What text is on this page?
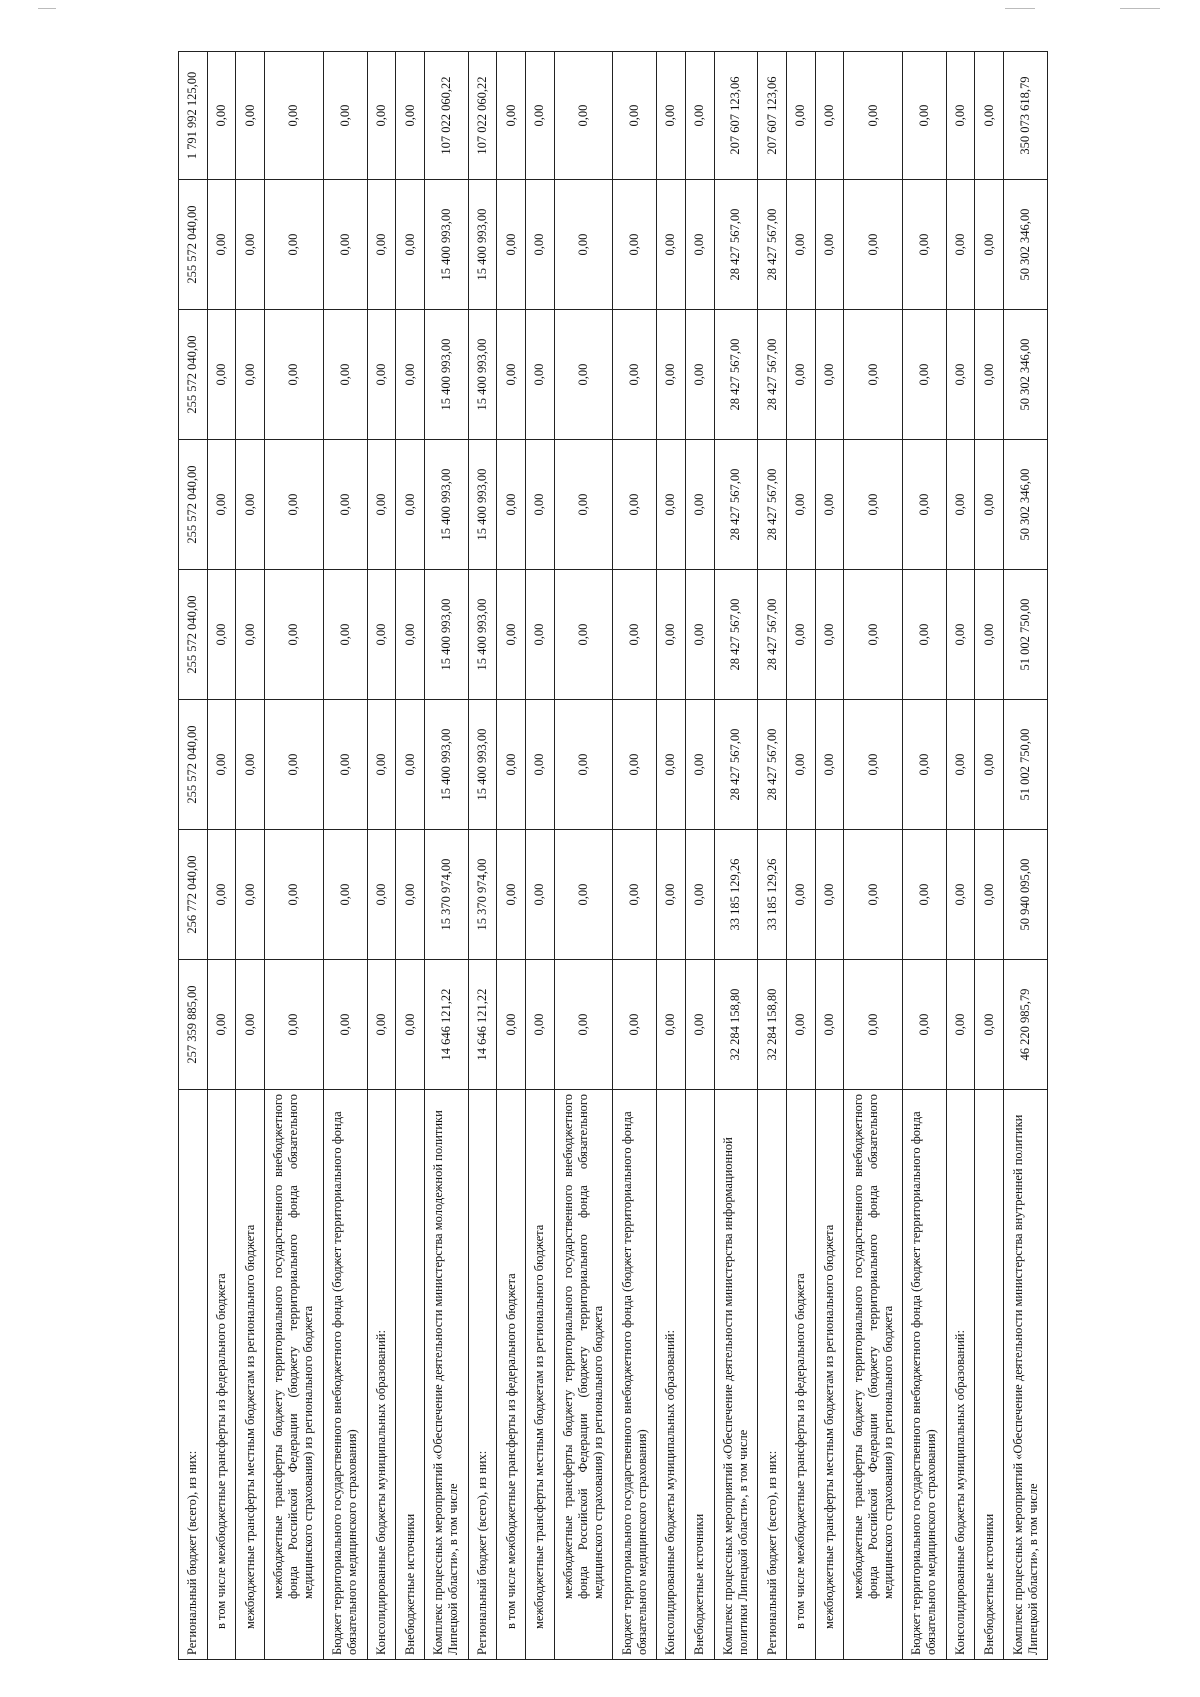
Региональный бюджет (всего), из них:	257 359 885,00	256 772 040,00	255 572 040,00	255 572 040,00	255 572 040,00	255 572 040,00	255 572 040,00	1 791 992 125,00
в том числе межбюджетные трансферты из федерального бюджета	0,00	0,00	0,00	0,00	0,00	0,00	0,00	0,00
межбюджетные трансферты местным бюджетам из регионального бюджета	0,00	0,00	0,00	0,00	0,00	0,00	0,00	0,00
межбюджетные трансферты бюджету территориального государственного внебюджетного фонда Российской Федерации (бюджету территориального фонда обязательного медицинского страхования) из регионального бюджета	0,00	0,00	0,00	0,00	0,00	0,00	0,00	0,00
Бюджет территориального государственного внебюджетного фонда (бюджет территориального фонда обязательного медицинского страхования)	0,00	0,00	0,00	0,00	0,00	0,00	0,00	0,00
Консолидированные бюджеты муниципальных образований:	0,00	0,00	0,00	0,00	0,00	0,00	0,00	0,00
Внебюджетные источники	0,00	0,00	0,00	0,00	0,00	0,00	0,00	0,00
Комплекс процессных мероприятий «Обеспечение деятельности министерства молодежной политики Липецкой области», в том числе	14 646 121,22	15 370 974,00	15 400 993,00	15 400 993,00	15 400 993,00	15 400 993,00	15 400 993,00	107 022 060,22
Региональный бюджет (всего), из них:	14 646 121,22	15 370 974,00	15 400 993,00	15 400 993,00	15 400 993,00	15 400 993,00	15 400 993,00	107 022 060,22
в том числе межбюджетные трансферты из федерального бюджета	0,00	0,00	0,00	0,00	0,00	0,00	0,00	0,00
межбюджетные трансферты местным бюджетам из регионального бюджета	0,00	0,00	0,00	0,00	0,00	0,00	0,00	0,00
межбюджетные трансферты бюджету территориального государственного внебюджетного фонда Российской Федерации (бюджету территориального фонда обязательного медицинского страхования) из регионального бюджета	0,00	0,00	0,00	0,00	0,00	0,00	0,00	0,00
Бюджет территориального государственного внебюджетного фонда (бюджет территориального фонда обязательного медицинского страхования)	0,00	0,00	0,00	0,00	0,00	0,00	0,00	0,00
Консолидированные бюджеты муниципальных образований:	0,00	0,00	0,00	0,00	0,00	0,00	0,00	0,00
Внебюджетные источники	0,00	0,00	0,00	0,00	0,00	0,00	0,00	0,00
Комплекс процессных мероприятий «Обеспечение деятельности министерства информационной политики Липецкой области», в том числе	32 284 158,80	33 185 129,26	28 427 567,00	28 427 567,00	28 427 567,00	28 427 567,00	28 427 567,00	207 607 123,06
Региональный бюджет (всего), из них:	32 284 158,80	33 185 129,26	28 427 567,00	28 427 567,00	28 427 567,00	28 427 567,00	28 427 567,00	207 607 123,06
в том числе межбюджетные трансферты из федерального бюджета	0,00	0,00	0,00	0,00	0,00	0,00	0,00	0,00
межбюджетные трансферты местным бюджетам из регионального бюджета	0,00	0,00	0,00	0,00	0,00	0,00	0,00	0,00
межбюджетные трансферты бюджету территориального государственного внебюджетного фонда Российской Федерации (бюджету территориального фонда обязательного медицинского страхования) из регионального бюджета	0,00	0,00	0,00	0,00	0,00	0,00	0,00	0,00
Бюджет территориального государственного внебюджетного фонда (бюджет территориального фонда обязательного медицинского страхования)	0,00	0,00	0,00	0,00	0,00	0,00	0,00	0,00
Консолидированные бюджеты муниципальных образований:	0,00	0,00	0,00	0,00	0,00	0,00	0,00	0,00
Внебюджетные источники	0,00	0,00	0,00	0,00	0,00	0,00	0,00	0,00
Комплекс процессных мероприятий «Обеспечение деятельности министерства внутренней политики Липецкой области», в том числе	46 220 985,79	50 940 095,00	51 002 750,00	51 002 750,00	50 302 346,00	50 302 346,00	50 302 346,00	350 073 618,79
